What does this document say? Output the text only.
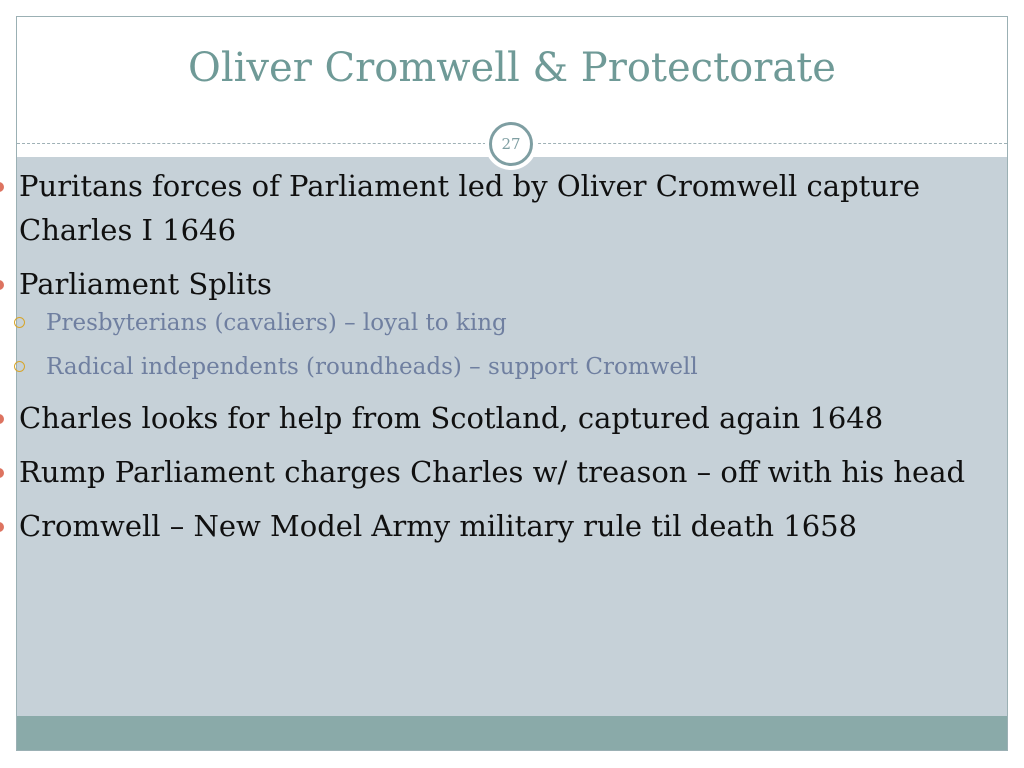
Oliver Cromwell & Protectorate
27
Puritans forces of Parliament led by Oliver Cromwell capture Charles I 1646
Parliament Splits
Presbyterians (cavaliers) – loyal to king
Radical independents (roundheads) – support Cromwell
Charles looks for help from Scotland, captured again 1648
Rump Parliament charges Charles w/ treason – off with his head
Cromwell – New Model Army military rule til death 1658
